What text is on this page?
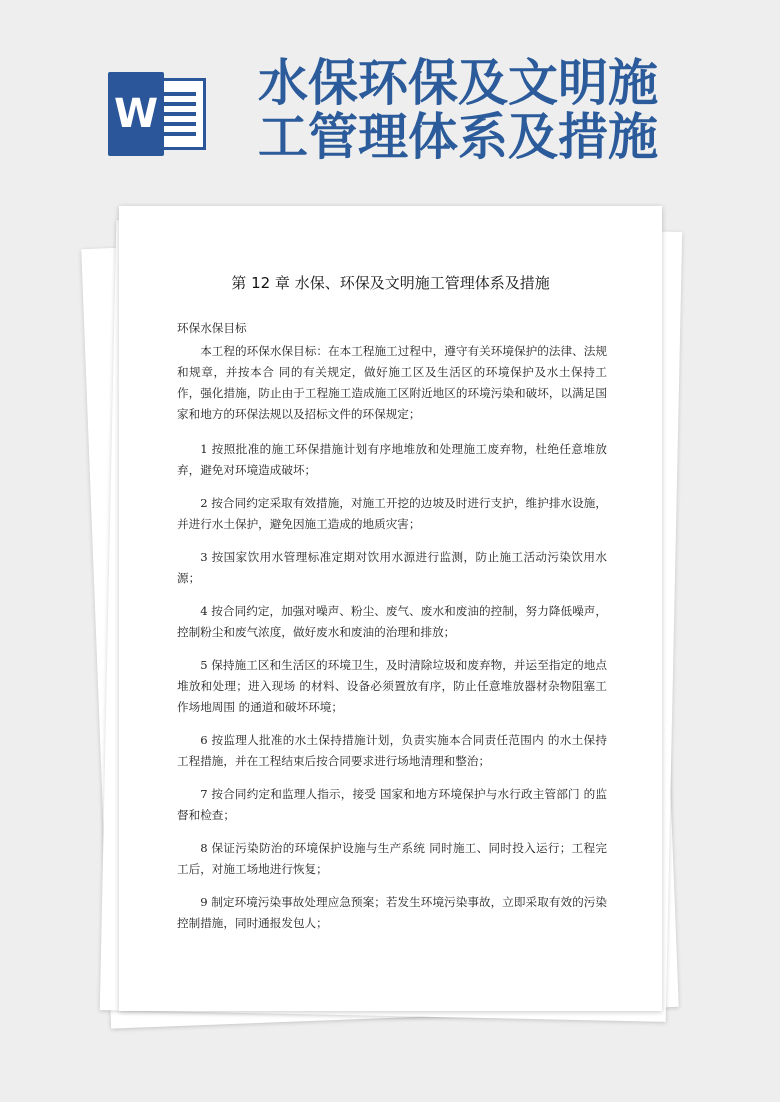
W
水保环保及文明施
工管理体系及措施
第 12 章 水保、环保及文明施工管理体系及措施

环保水保目标

本工程的环保水保目标：在本工程施工过程中，遵守有关环境保护的法律、法规和规章，并按本合 同的有关规定，做好施工区及生活区的环境保护及水土保持工作，强化措施，防止由于工程施工造成施工区附近地区的环境污染和破坏，以满足国家和地方的环保法规以及招标文件的环保规定；

1 按照批准的施工环保措施计划有序地堆放和处理施工废弃物，杜绝任意堆放弃，避免对环境造成破坏；

2 按合同约定采取有效措施，对施工开挖的边坡及时进行支护，维护排水设施，并进行水土保护，避免因施工造成的地质灾害；

3 按国家饮用水管理标准定期对饮用水源进行监测，防止施工活动污染饮用水源；

4 按合同约定，加强对噪声、粉尘、废气、废水和废油的控制，努力降低噪声，控制粉尘和废气浓度，做好废水和废油的治理和排放；

5 保持施工区和生活区的环境卫生，及时清除垃圾和废弃物，并运至指定的地点堆放和处理；进入现场 的材料、设备必须置放有序，防止任意堆放器材杂物阻塞工作场地周围 的通道和破坏环境；

6 按监理人批准的水土保持措施计划，负责实施本合同责任范围内 的水土保持工程措施，并在工程结束后按合同要求进行场地清理和整治；

7 按合同约定和监理人指示，接受 国家和地方环境保护与水行政主管部门 的监督和检查；

8 保证污染防治的环境保护设施与生产系统 同时施工、同时投入运行；工程完工后，对施工场地进行恢复；

9 制定环境污染事故处理应急预案；若发生环境污染事故，立即采取有效的污染控制措施，同时通报发包人；
